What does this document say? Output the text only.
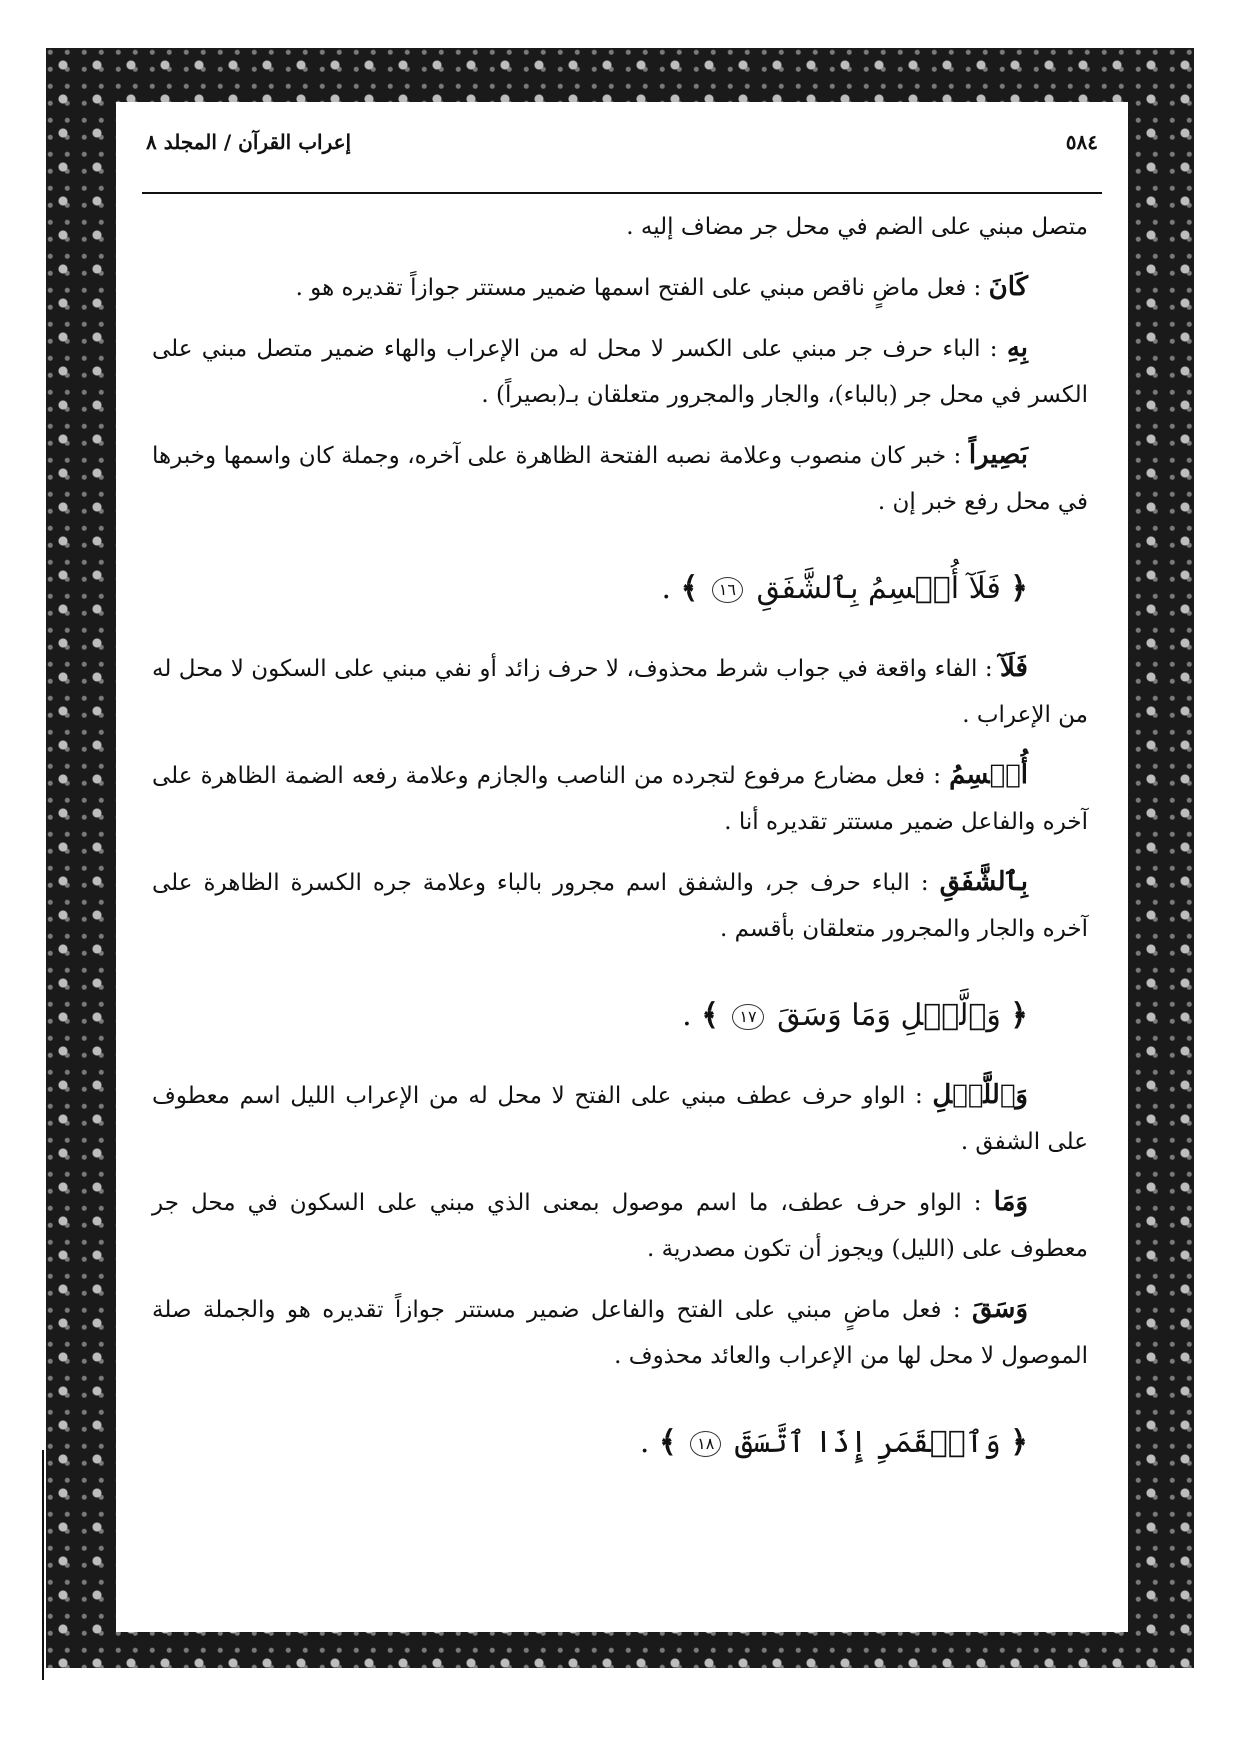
٥٨٤
إعراب القرآن / المجلد ٨

متصل مبني على الضم في محل جر مضاف إليه .

كَانَ : فعل ماضٍ ناقص مبني على الفتح اسمها ضمير مستتر جوازاً تقديره هو .

بِهِ : الباء حرف جر مبني على الكسر لا محل له من الإعراب والهاء ضمير متصل مبني على الكسر في محل جر (بالباء)، والجار والمجرور متعلقان بـ(بصيراً) .

بَصِيراً : خبر كان منصوب وعلامة نصبه الفتحة الظاهرة على آخره، وجملة كان واسمها وخبرها في محل رفع خبر إن .

﴿ فَلَآ أُقۡسِمُ بِٱلشَّفَقِ ١٦ ﴾ .

فَلَآ : الفاء واقعة في جواب شرط محذوف، لا حرف زائد أو نفي مبني على السكون لا محل له من الإعراب .

أُقۡسِمُ : فعل مضارع مرفوع لتجرده من الناصب والجازم وعلامة رفعه الضمة الظاهرة على آخره والفاعل ضمير مستتر تقديره أنا .

بِٱلشَّفَقِ : الباء حرف جر، والشفق اسم مجرور بالباء وعلامة جره الكسرة الظاهرة على آخره والجار والمجرور متعلقان بأقسم .

﴿ وَٱلَّيۡلِ وَمَا وَسَقَ ١٧ ﴾ .

وَٱللَّيۡلِ : الواو حرف عطف مبني على الفتح لا محل له من الإعراب الليل اسم معطوف على الشفق .

وَمَا : الواو حرف عطف، ما اسم موصول بمعنى الذي مبني على السكون في محل جر معطوف على (الليل) ويجوز أن تكون مصدرية .

وَسَقَ : فعل ماضٍ مبني على الفتح والفاعل ضمير مستتر جوازاً تقديره هو والجملة صلة الموصول لا محل لها من الإعراب والعائد محذوف .

﴿ وَٱلۡقَمَرِ إِذَا ٱتَّسَقَ ١٨ ﴾ .
